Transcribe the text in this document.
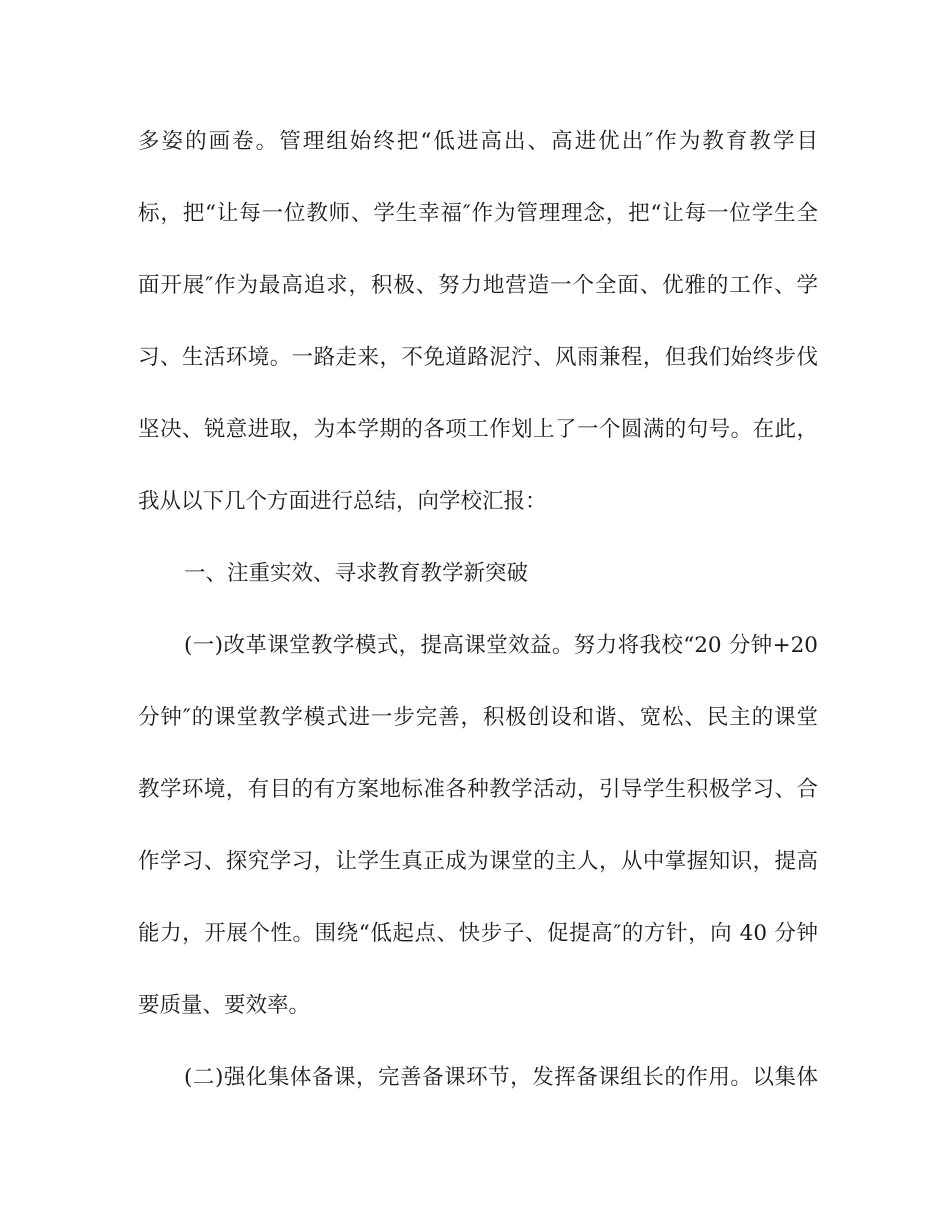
多姿的画卷。管理组始终把“低进高出、高进优出″作为教育教学目
标，把“让每一位教师、学生幸福″作为管理理念，把“让每一位学生全
面开展″作为最高追求，积极、努力地营造一个全面、优雅的工作、学
习、生活环境。一路走来，不免道路泥泞、风雨兼程，但我们始终步伐
坚决、锐意进取，为本学期的各项工作划上了一个圆满的句号。在此，
我从以下几个方面进行总结，向学校汇报：
一、注重实效、寻求教育教学新突破
(一)改革课堂教学模式，提高课堂效益。努力将我校“20 分钟+20
分钟″的课堂教学模式进一步完善，积极创设和谐、宽松、民主的课堂
教学环境，有目的有方案地标准各种教学活动，引导学生积极学习、合
作学习、探究学习，让学生真正成为课堂的主人，从中掌握知识，提高
能力，开展个性。围绕“低起点、快步子、促提高″的方针，向 40 分钟
要质量、要效率。
(二)强化集体备课，完善备课环节，发挥备课组长的作用。以集体
